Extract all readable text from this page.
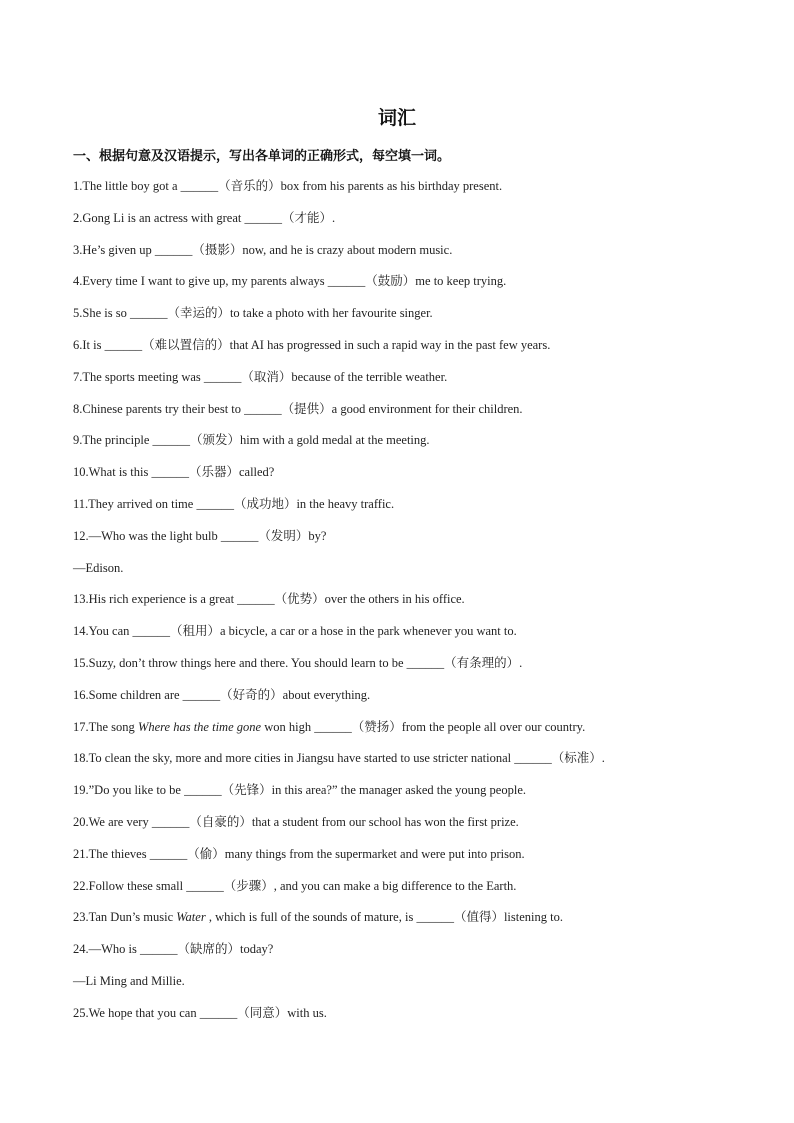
词汇
一、根据句意及汉语提示，写出各单词的正确形式，每空填一词。
1.The little boy got a ______（音乐的）box from his parents as his birthday present.
2.Gong Li is an actress with great ______（才能）.
3.He’s given up ______（摄影）now, and he is crazy about modern music.
4.Every time I want to give up, my parents always ______（鼓励）me to keep trying.
5.She is so ______（幸运的）to take a photo with her favourite singer.
6.It is ______（难以置信的）that AI has progressed in such a rapid way in the past few years.
7.The sports meeting was ______（取消）because of the terrible weather.
8.Chinese parents try their best to ______（提供）a good environment for their children.
9.The principle ______（颁发）him with a gold medal at the meeting.
10.What is this ______（乐器）called?
11.They arrived on time ______（成功地）in the heavy traffic.
12.—Who was the light bulb ______（发明）by?
—Edison.
13.His rich experience is a great ______（优势）over the others in his office.
14.You can ______（租用）a bicycle, a car or a hose in the park whenever you want to.
15.Suzy, don’t throw things here and there. You should learn to be ______（有条理的）.
16.Some children are ______（好奇的）about everything.
17.The song Where has the time gone won high ______（赞扬）from the people all over our country.
18.To clean the sky, more and more cities in Jiangsu have started to use stricter national ______（标准）.
19.”Do you like to be ______（先锋）in this area?” the manager asked the young people.
20.We are very ______（自豪的）that a student from our school has won the first prize.
21.The thieves ______（偷）many things from the supermarket and were put into prison.
22.Follow these small ______（步骤）, and you can make a big difference to the Earth.
23.Tan Dun’s music Water , which is full of the sounds of mature, is ______（值得）listening to.
24.—Who is ______（缺席的）today?
—Li Ming and Millie.
25.We hope that you can ______（同意）with us.
